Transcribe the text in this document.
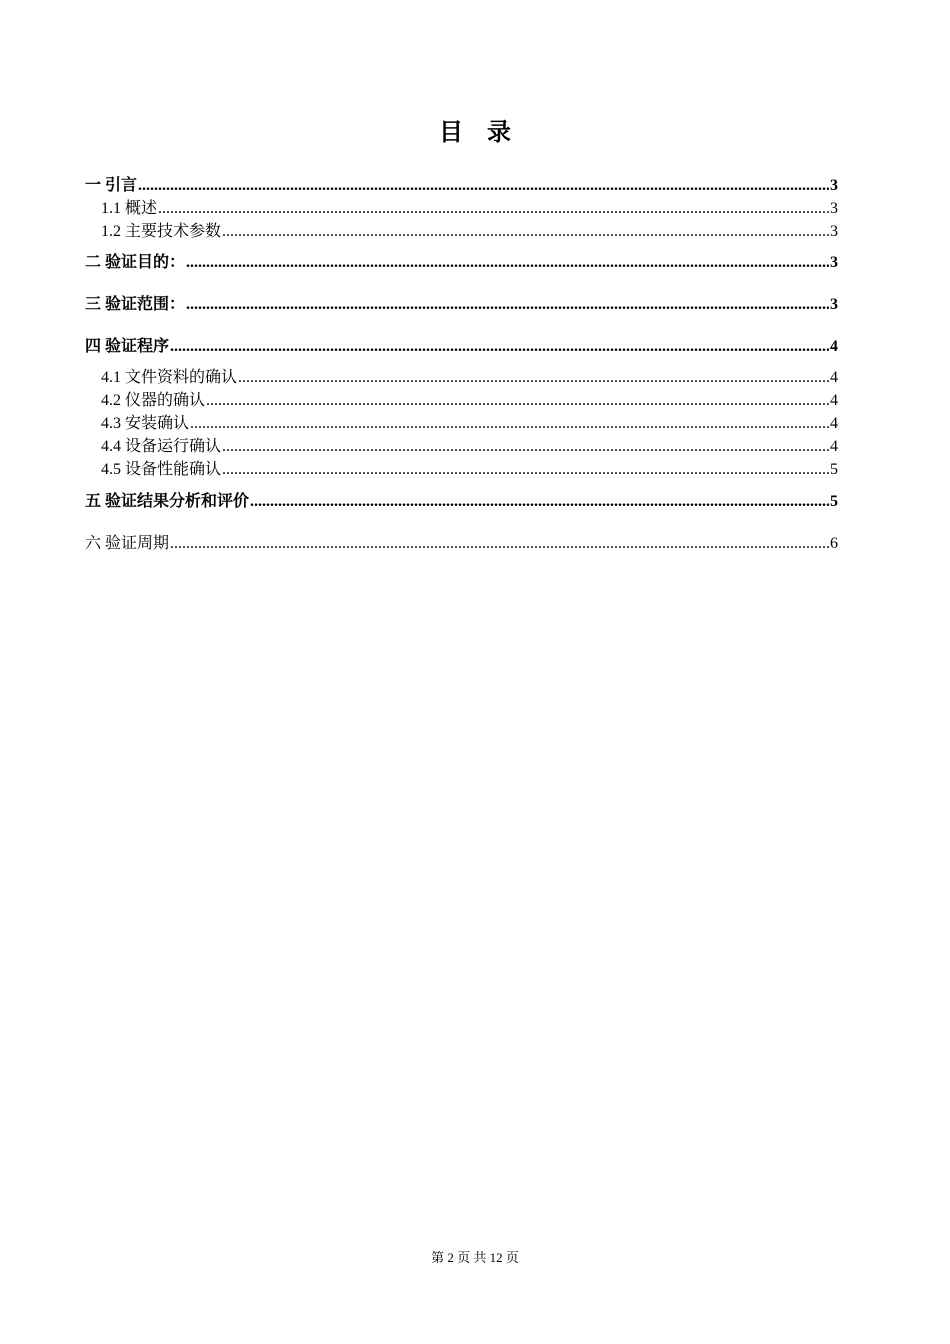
目    录
一 引言 .....	3
1.1 概述 .....	3
1.2 主要技术参数 .....	3
二 验证目的： .....	3
三 验证范围： .....	3
四 验证程序 .....	4
4.1 文件资料的确认 .....	4
4.2 仪器的确认 .....	4
4.3 安装确认 .....	4
4.4 设备运行确认 .....	4
4.5 设备性能确认 .....	5
五 验证结果分析和评价 .....	5
六 验证周期 .....	6
第 2 页 共 12 页
